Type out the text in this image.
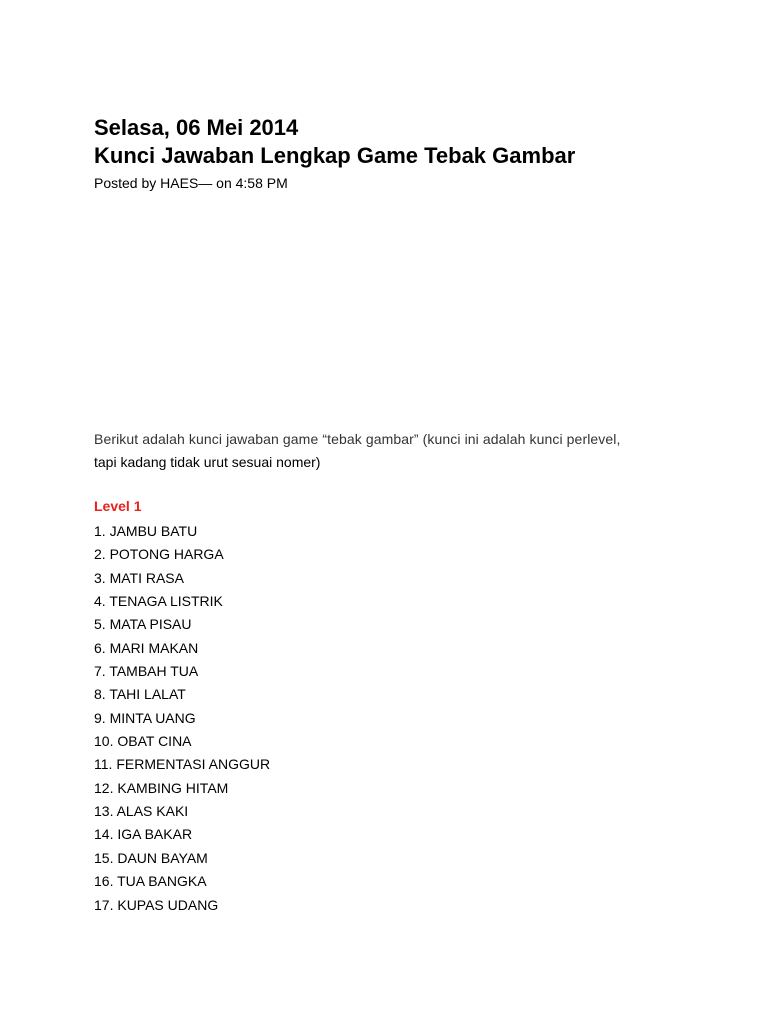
Selasa, 06 Mei 2014
Kunci Jawaban Lengkap Game Tebak Gambar
Posted by HAES— on 4:58 PM
Berikut adalah kunci jawaban game “tebak gambar” (kunci ini adalah kunci perlevel,
tapi kadang tidak urut sesuai nomer)
Level 1
1. JAMBU BATU
2. POTONG HARGA
3. MATI RASA
4. TENAGA LISTRIK
5. MATA PISAU
6. MARI MAKAN
7. TAMBAH TUA
8. TAHI LALAT
9. MINTA UANG
10. OBAT CINA
11. FERMENTASI ANGGUR
12. KAMBING HITAM
13. ALAS KAKI
14. IGA BAKAR
15. DAUN BAYAM
16. TUA BANGKA
17. KUPAS UDANG
